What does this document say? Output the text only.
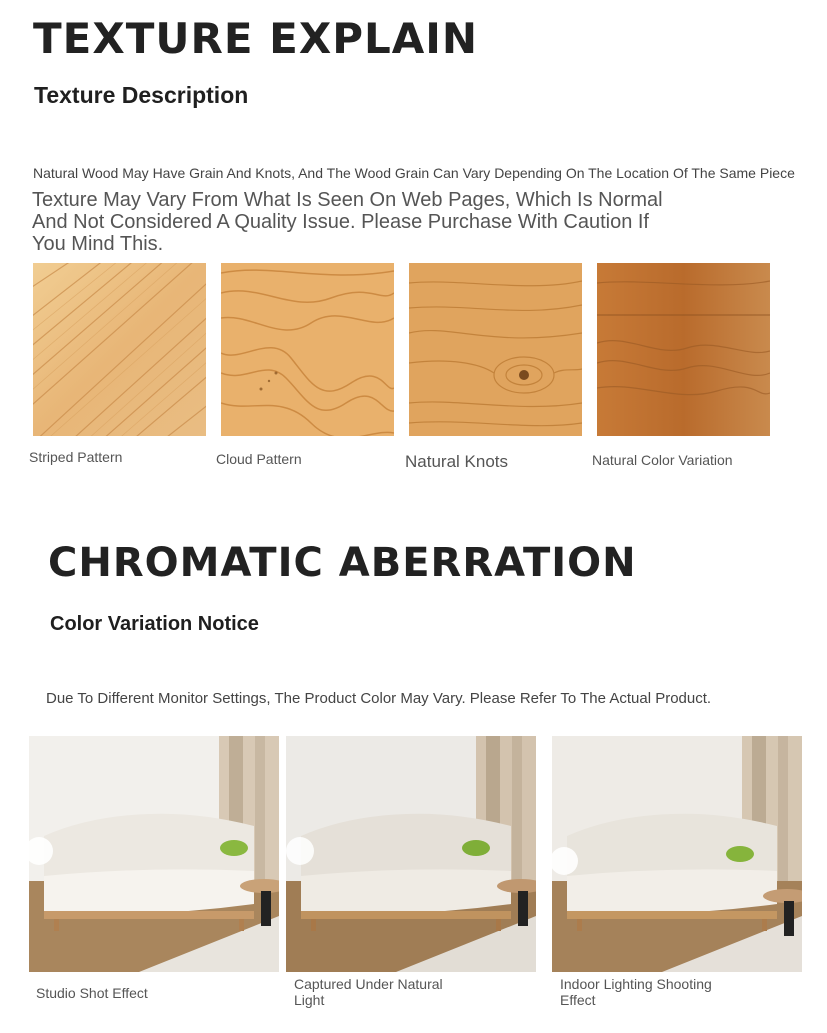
TEXTURE EXPLAIN
Texture Description
Natural Wood May Have Grain And Knots, And The Wood Grain Can Vary Depending On The Location Of The Same Piece
Texture May Vary From What Is Seen On Web Pages, Which Is Normal
And Not Considered A Quality Issue. Please Purchase With Caution If
You Mind This.
Striped Pattern	Cloud Pattern	Natural Knots	Natural Color Variation
CHROMATIC ABERRATION
Color Variation Notice
Due To Different Monitor Settings, The Product Color May Vary. Please Refer To The Actual Product.
Studio Shot Effect
Captured Under Natural Light
Indoor Lighting Shooting Effect
